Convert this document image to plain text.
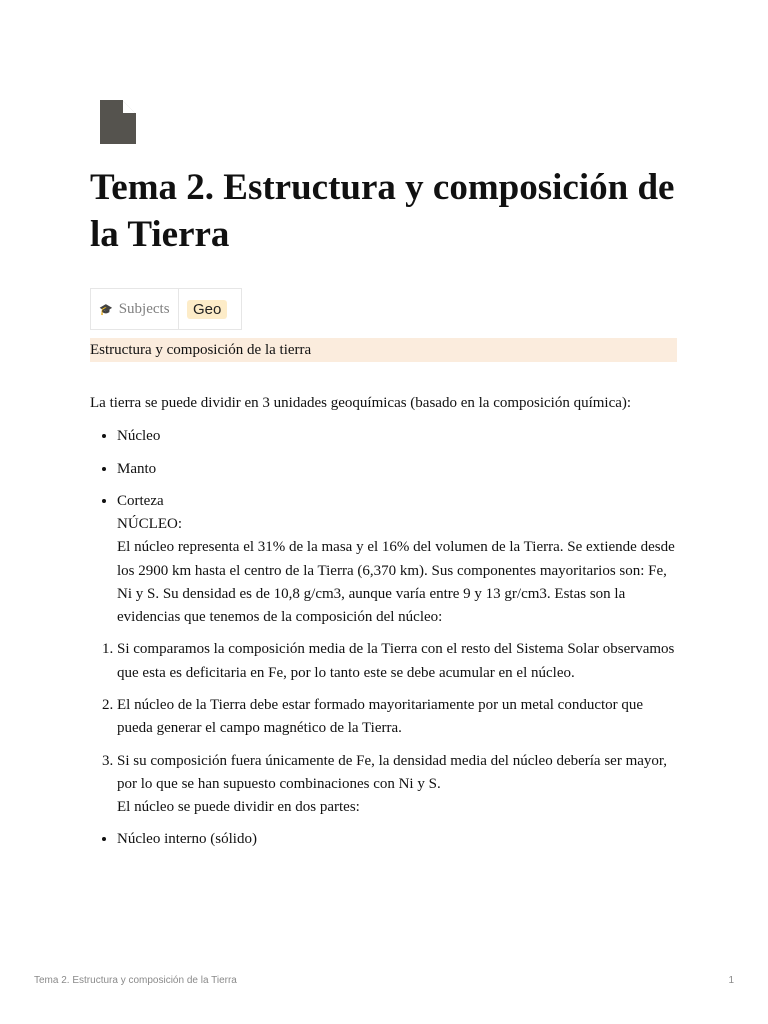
Tema 2. Estructura y composición de la Tierra
🎓 Subjects	Geo
Estructura y composición de la tierra

La tierra se puede dividir en 3 unidades geoquímicas (basado en la composición química):

• Núcleo
• Manto
• Corteza
NÚCLEO:
El núcleo representa el 31% de la masa y el 16% del volumen de la Tierra. Se extiende desde los 2900 km hasta el centro de la Tierra (6,370 km). Sus componentes mayoritarios son: Fe, Ni y S. Su densidad es de 10,8 g/cm3, aunque varía entre 9 y 13 gr/cm3. Estas son la evidencias que tenemos de la composición del núcleo:
1. Si comparamos la composición media de la Tierra con el resto del Sistema Solar observamos que esta es deficitaria en Fe, por lo tanto este se debe acumular en el núcleo.
2. El núcleo de la Tierra debe estar formado mayoritariamente por un metal conductor que pueda generar el campo magnético de la Tierra.
3. Si su composición fuera únicamente de Fe, la densidad media del núcleo debería ser mayor, por lo que se han supuesto combinaciones con Ni y S.
El núcleo se puede dividir en dos partes:
• Núcleo interno (sólido)
Tema 2. Estructura y composición de la Tierra	1
